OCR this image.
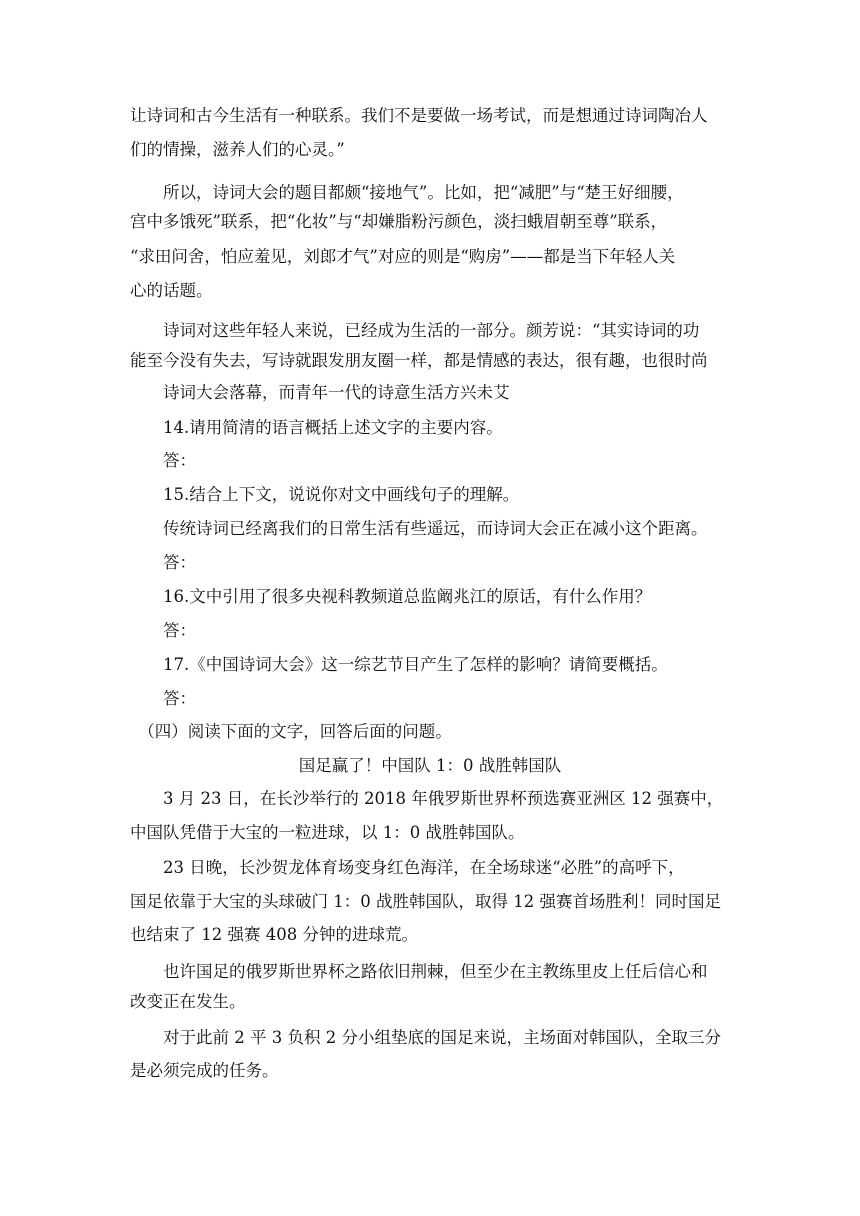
让诗词和古今生活有一种联系。我们不是要做一场考试，而是想通过诗词陶冶人
们的情操，滋养人们的心灵。”
　　所以，诗词大会的题目都颇“接地气”。比如，把“减肥”与“楚王好细腰，
宫中多饿死”联系，把“化妆”与“却嫌脂粉污颜色，淡扫蛾眉朝至尊”联系，
“求田问舍，怕应羞见，刘郎才气”对应的则是“购房”——都是当下年轻人关
心的话题。
　　诗词对这些年轻人来说，已经成为生活的一部分。颜芳说：“其实诗词的功
能至今没有失去，写诗就跟发朋友圈一样，都是情感的表达，很有趣，也很时尚
　　诗词大会落幕，而青年一代的诗意生活方兴未艾
　　14.请用简清的语言概括上述文字的主要内容。
　　答：
　　15.结合上下文，说说你对文中画线句子的理解。
　　传统诗词已经离我们的日常生活有些遥远，而诗词大会正在减小这个距离。
　　答：
　　16.文中引用了很多央视科教频道总监阚兆江的原话，有什么作用？
　　答：
　　17.《中国诗词大会》这一综艺节目产生了怎样的影响？请简要概括。
　　答：
　（四）阅读下面的文字，回答后面的问题。
国足赢了！中国队 1：0 战胜韩国队
　　3 月 23 日，在长沙举行的 2018 年俄罗斯世界杯预选赛亚洲区 12 强赛中，
中国队凭借于大宝的一粒进球，以 1：0 战胜韩国队。
　　23 日晚，长沙贺龙体育场变身红色海洋，在全场球迷“必胜”的高呼下，
国足依靠于大宝的头球破门 1：0 战胜韩国队，取得 12 强赛首场胜利！同时国足
也结束了 12 强赛 408 分钟的进球荒。
　　也许国足的俄罗斯世界杯之路依旧荆棘，但至少在主教练里皮上任后信心和
改变正在发生。
　　对于此前 2 平 3 负积 2 分小组垫底的国足来说，主场面对韩国队，全取三分
是必须完成的任务。
